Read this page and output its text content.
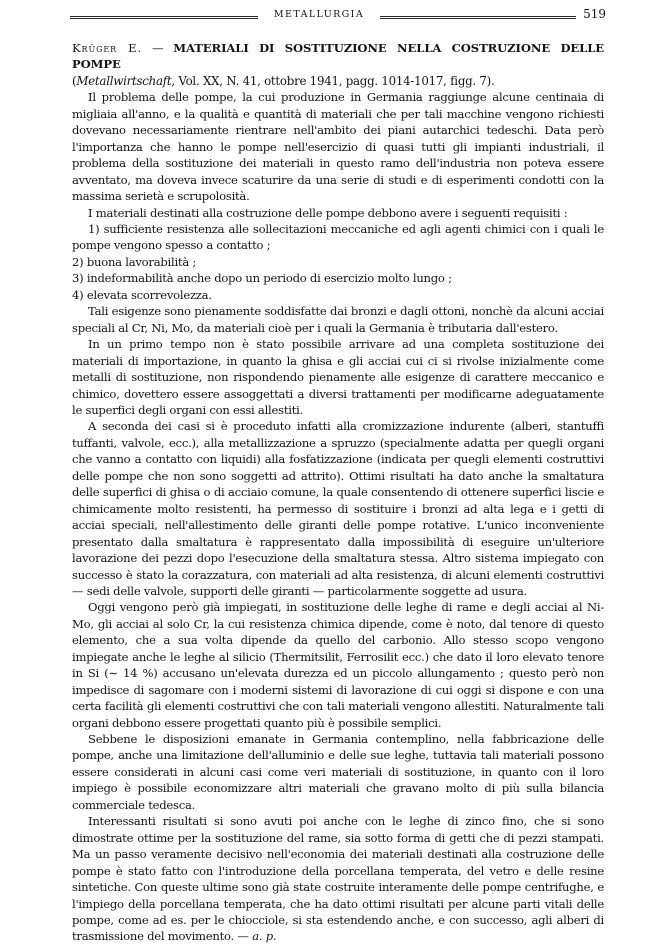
METALLURGIA	519

Krüger E. — MATERIALI DI SOSTITUZIONE NELLA COSTRUZIONE DELLE POMPE

(Metallwirtschaft, Vol. XX, N. 41, ottobre 1941, pagg. 1014-1017, figg. 7).

Il problema delle pompe, la cui produzione in Germania raggiunge alcune centinaia di migliaia all'anno, e la qualità e quantità di materiali che per tali macchine vengono richiesti dovevano necessariamente rientrare nell'ambito dei piani autarchici tedeschi. Data però l'importanza che hanno le pompe nell'esercizio di quasi tutti gli impianti industriali, il problema della sostituzione dei materiali in questo ramo dell'industria non poteva essere avventato, ma doveva invece scaturire da una serie di studi e di esperimenti condotti con la massima serietà e scrupolosità.

I materiali destinati alla costruzione delle pompe debbono avere i seguenti requisiti :

1) sufficiente resistenza alle sollecitazioni meccaniche ed agli agenti chimici con i quali le pompe vengono spesso a contatto ;

2) buona lavorabilità ;

3) indeformabilità anche dopo un periodo di esercizio molto lungo ;

4) elevata scorrevolezza.

Tali esigenze sono pienamente soddisfatte dai bronzi e dagli ottoni, nonchè da alcuni acciai speciali al Cr, Ni, Mo, da materiali cioè per i quali la Germania è tributaria dall'estero.

In un primo tempo non è stato possibile arrivare ad una completa sostituzione dei materiali di importazione, in quanto la ghisa e gli acciai cui ci si rivolse inizialmente come metalli di sostituzione, non rispondendo pienamente alle esigenze di carattere meccanico e chimico, dovettero essere assoggettati a diversi trattamenti per modificarne adeguatamente le superfici degli organi con essi allestiti.

A seconda dei casi si è proceduto infatti alla cromizzazione indurente (alberi, stantuffi tuffanti, valvole, ecc.), alla metallizzazione a spruzzo (specialmente adatta per quegli organi che vanno a contatto con liquidi) alla fosfatizzazione (indicata per quegli elementi costruttivi delle pompe che non sono soggetti ad attrito). Ottimi risultati ha dato anche la smaltatura delle superfici di ghisa o di acciaio comune, la quale consentendo di ottenere superfici liscie e chimicamente molto resistenti, ha permesso di sostituire i bronzi ad alta lega e i getti di acciai speciali, nell'allestimento delle giranti delle pompe rotative. L'unico inconveniente presentato dalla smaltatura è rappresentato dalla impossibilità di eseguire un'ulteriore lavorazione dei pezzi dopo l'esecuzione della smaltatura stessa. Altro sistema impiegato con successo è stato la corazzatura, con materiali ad alta resistenza, di alcuni elementi costruttivi — sedi delle valvole, supporti delle giranti — particolarmente soggette ad usura.

Oggi vengono però già impiegati, in sostituzione delle leghe di rame e degli acciai al Ni-Mo, gli acciai al solo Cr, la cui resistenza chimica dipende, come è noto, dal tenore di questo elemento, che a sua volta dipende da quello del carbonio. Allo stesso scopo vengono impiegate anche le leghe al silicio (Thermitsilit, Ferrosilit ecc.) che dato il loro elevato tenore in Si (∼ 14 %) accusano un'elevata durezza ed un piccolo allungamento ; questo però non impedisce di sagomare con i moderni sistemi di lavorazione di cui oggi si dispone e con una certa facilità gli elementi costruttivi che con tali materiali vengono allestiti. Naturalmente tali organi debbono essere progettati quanto più è possibile semplici.

Sebbene le disposizioni emanate in Germania contemplino, nella fabbricazione delle pompe, anche una limitazione dell'alluminio e delle sue leghe, tuttavia tali materiali possono essere considerati in alcuni casi come veri materiali di sostituzione, in quanto con il loro impiego è possibile economizzare altri materiali che gravano molto di più sulla bilancia commerciale tedesca.

Interessanti risultati si sono avuti poi anche con le leghe di zinco fino, che si sono dimostrate ottime per la sostituzione del rame, sia sotto forma di getti che di pezzi stampati. Ma un passo veramente decisivo nell'economia dei materiali destinati alla costruzione delle pompe è stato fatto con l'introduzione della porcellana temperata, del vetro e delle resine sintetiche. Con queste ultime sono già state costruite interamente delle pompe centrifughe, e l'impiego della porcellana temperata, che ha dato ottimi risultati per alcune parti vitali delle pompe, come ad es. per le chiocciole, si sta estendendo anche, e con successo, agli alberi di trasmissione del movimento. — a. p.
